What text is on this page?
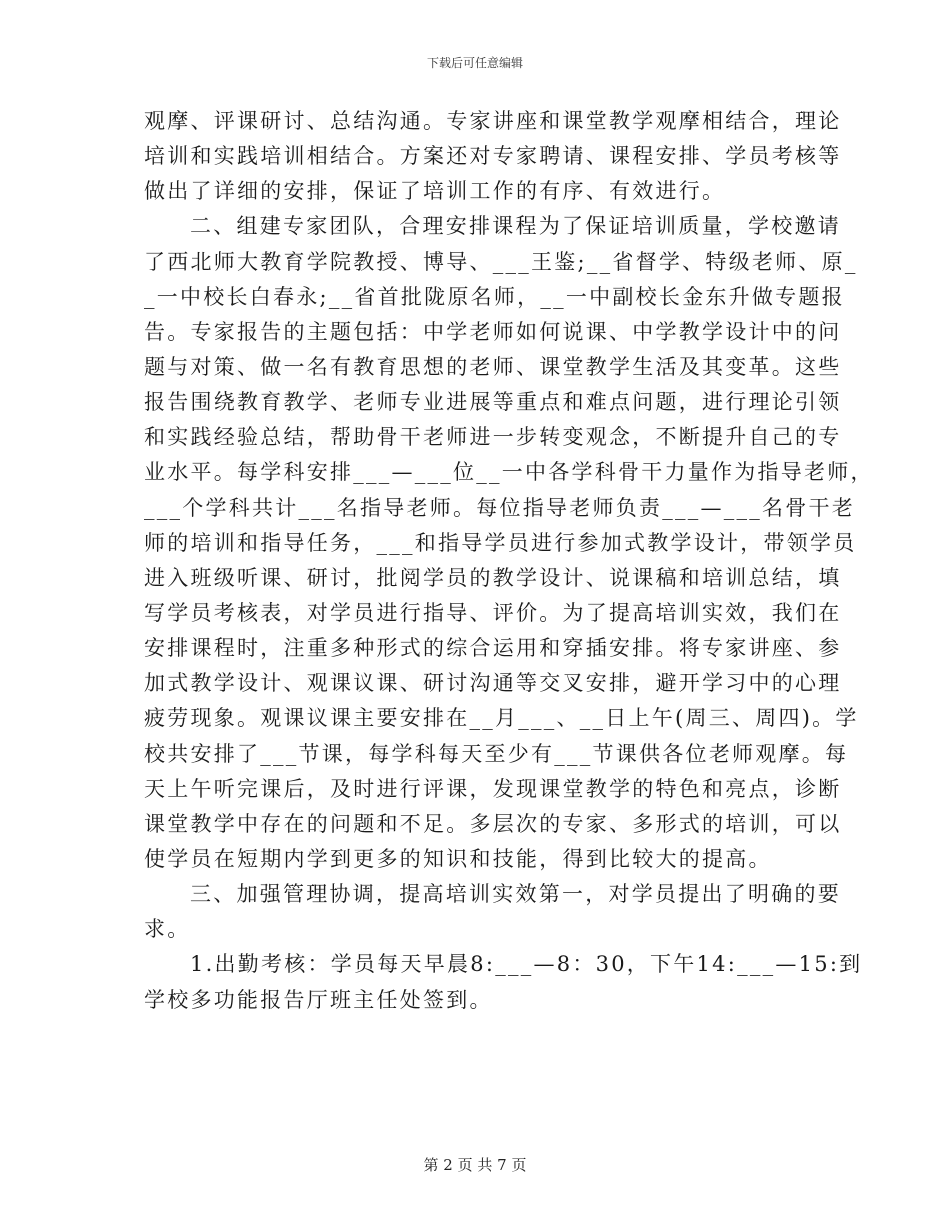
下载后可任意编辑
观摩、评课研讨、总结沟通。专家讲座和课堂教学观摩相结合，理论
培训和实践培训相结合。方案还对专家聘请、课程安排、学员考核等
做出了详细的安排，保证了培训工作的有序、有效进行。
二、组建专家团队，合理安排课程为了保证培训质量，学校邀请
了西北师大教育学院教授、博导、___王鉴;__省督学、特级老师、原_
_一中校长白春永;__省首批陇原名师，__一中副校长金东升做专题报
告。专家报告的主题包括：中学老师如何说课、中学教学设计中的问
题与对策、做一名有教育思想的老师、课堂教学生活及其变革。这些
报告围绕教育教学、老师专业进展等重点和难点问题，进行理论引领
和实践经验总结，帮助骨干老师进一步转变观念，不断提升自己的专
业水平。每学科安排___—___位__一中各学科骨干力量作为指导老师，
___个学科共计___名指导老师。每位指导老师负责___—___名骨干老
师的培训和指导任务，___和指导学员进行参加式教学设计，带领学员
进入班级听课、研讨，批阅学员的教学设计、说课稿和培训总结，填
写学员考核表，对学员进行指导、评价。为了提高培训实效，我们在
安排课程时，注重多种形式的综合运用和穿插安排。将专家讲座、参
加式教学设计、观课议课、研讨沟通等交叉安排，避开学习中的心理
疲劳现象。观课议课主要安排在__月___、__日上午(周三、周四)。学
校共安排了___节课，每学科每天至少有___节课供各位老师观摩。每
天上午听完课后，及时进行评课，发现课堂教学的特色和亮点，诊断
课堂教学中存在的问题和不足。多层次的专家、多形式的培训，可以
使学员在短期内学到更多的知识和技能，得到比较大的提高。
三、加强管理协调，提高培训实效第一，对学员提出了明确的要
求。
1.出勤考核：学员每天早晨8:___—8：30，下午14:___—15:到
学校多功能报告厅班主任处签到。
第 2 页 共 7 页
